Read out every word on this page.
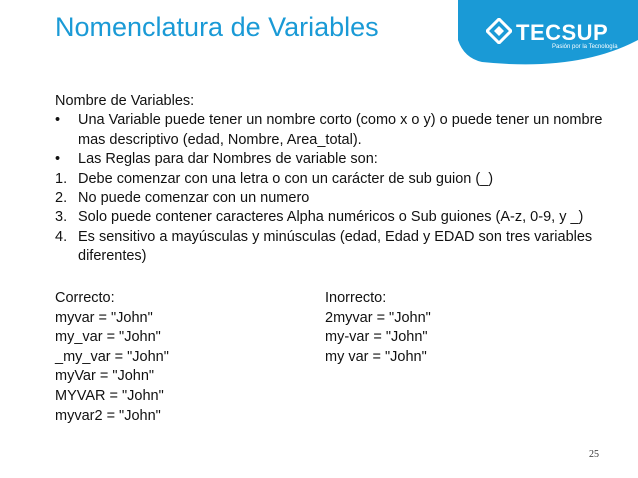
Nomenclatura de Variables	TECSUP
Pasión por la Tecnología

Nombre de Variables:

• Una Variable puede tener un nombre corto (como x o y) o puede tener un nombre mas descriptivo (edad, Nombre, Area_total).

• Las Reglas para dar Nombres de variable son:

1. Debe comenzar con una letra o con un carácter de sub guion (_)

2. No puede comenzar con un numero

3. Solo puede contener caracteres Alpha numéricos o Sub guiones (A-z, 0-9, y _)

4. Es sensitivo a mayúsculas y minúsculas (edad, Edad y EDAD son tres variables diferentes)

Correcto:

myvar = "John"

my_var = "John"

_my_var = "John"

myVar = "John"

MYVAR = "John"

myvar2 = "John"

Inorrecto:

2myvar = "John"

my-var = "John"

my var = "John"

25
